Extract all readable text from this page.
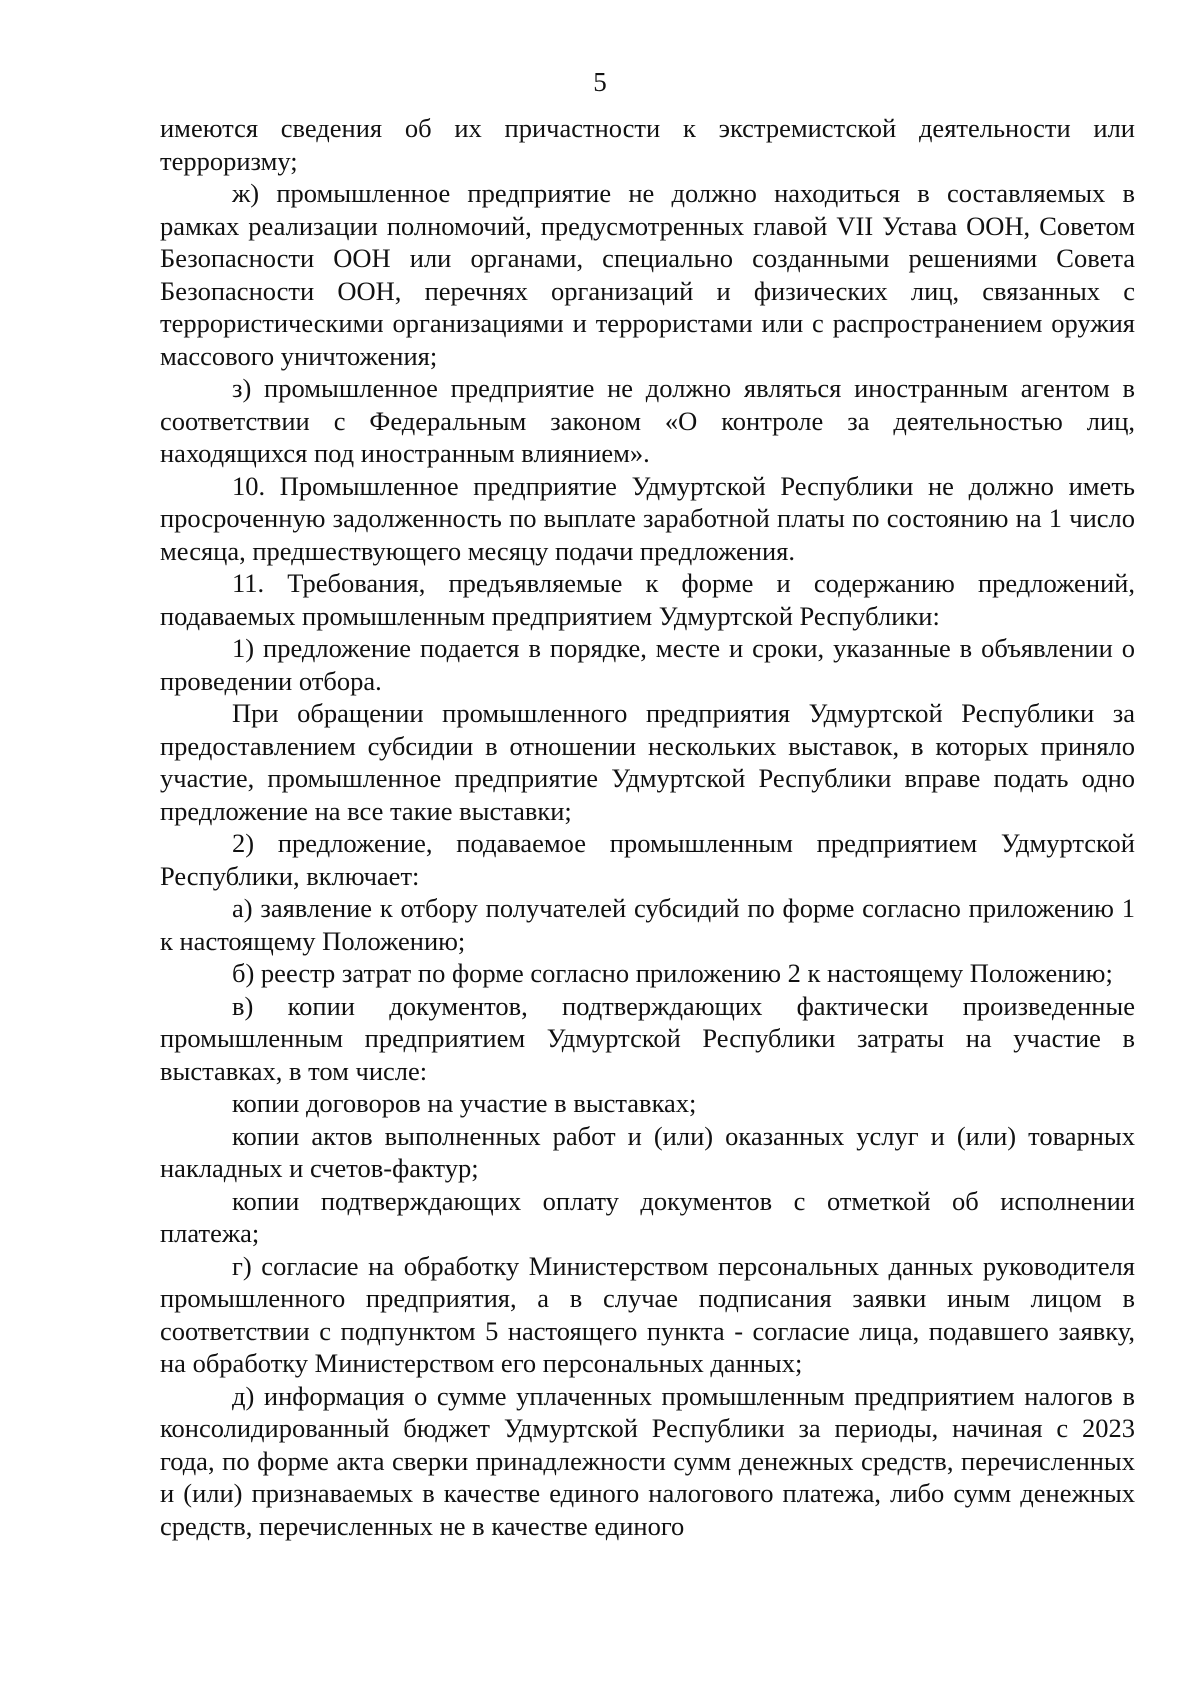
5

имеются сведения об их причастности к экстремистской деятельности или терроризму;

ж) промышленное предприятие не должно находиться в составляемых в рамках реализации полномочий, предусмотренных главой VII Устава ООН, Советом Безопасности ООН или органами, специально созданными решениями Совета Безопасности ООН, перечнях организаций и физических лиц, связанных с террористическими организациями и террористами или с распространением оружия массового уничтожения;

з) промышленное предприятие не должно являться иностранным агентом в соответствии с Федеральным законом «О контроле за деятельностью лиц, находящихся под иностранным влиянием».

10. Промышленное предприятие Удмуртской Республики не должно иметь просроченную задолженность по выплате заработной платы по состоянию на 1 число месяца, предшествующего месяцу подачи предложения.

11. Требования, предъявляемые к форме и содержанию предложений, подаваемых промышленным предприятием Удмуртской Республики:

1) предложение подается в порядке, месте и сроки, указанные в объявлении о проведении отбора.

При обращении промышленного предприятия Удмуртской Республики за предоставлением субсидии в отношении нескольких выставок, в которых приняло участие, промышленное предприятие Удмуртской Республики вправе подать одно предложение на все такие выставки;

2) предложение, подаваемое промышленным предприятием Удмуртской Республики, включает:

а) заявление к отбору получателей субсидий по форме согласно приложению 1 к настоящему Положению;

б) реестр затрат по форме согласно приложению 2 к настоящему Положению;

в) копии документов, подтверждающих фактически произведенные промышленным предприятием Удмуртской Республики затраты на участие в выставках, в том числе:

копии договоров на участие в выставках;

копии актов выполненных работ и (или) оказанных услуг и (или) товарных накладных и счетов-фактур;

копии подтверждающих оплату документов с отметкой об исполнении платежа;

г) согласие на обработку Министерством персональных данных руководителя промышленного предприятия, а в случае подписания заявки иным лицом в соответствии с подпунктом 5 настоящего пункта - согласие лица, подавшего заявку, на обработку Министерством его персональных данных;

д) информация о сумме уплаченных промышленным предприятием налогов в консолидированный бюджет Удмуртской Республики за периоды, начиная с 2023 года, по форме акта сверки принадлежности сумм денежных средств, перечисленных и (или) признаваемых в качестве единого налогового платежа, либо сумм денежных средств, перечисленных не в качестве единого
